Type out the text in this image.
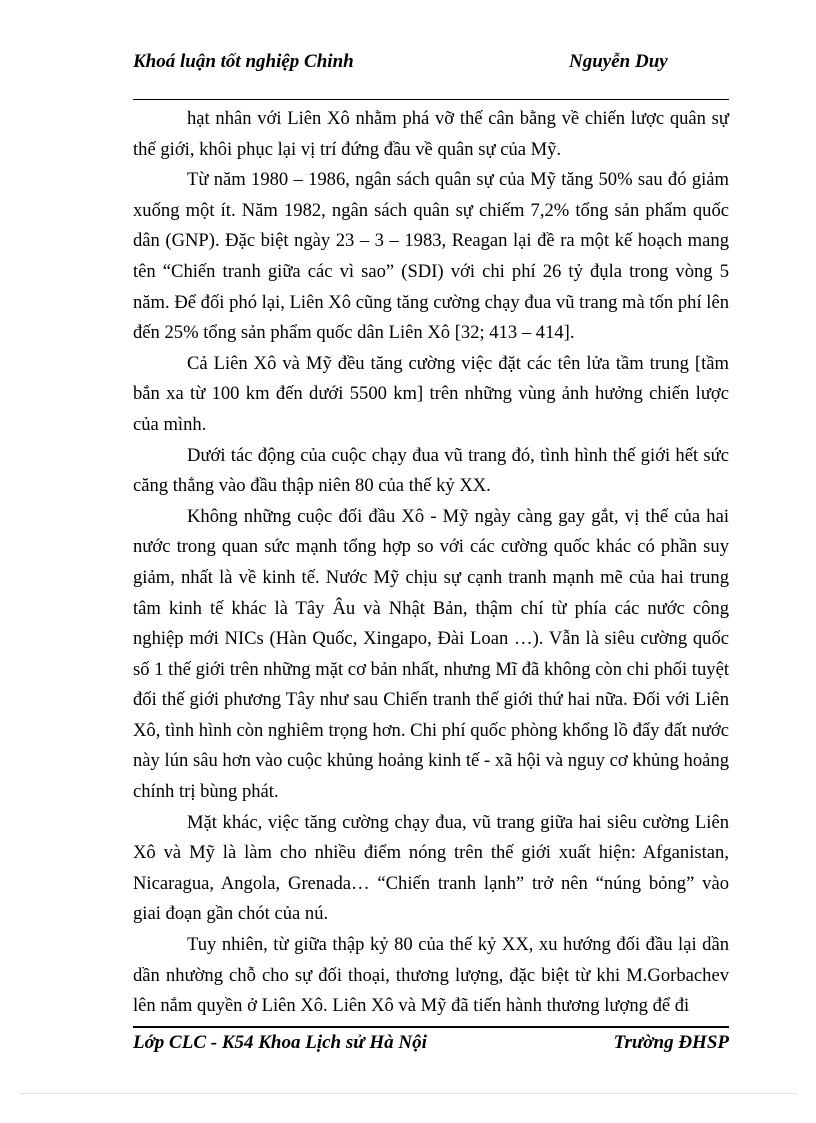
Khoá luận tốt nghiệp Chinh	Nguyễn Duy

hạt nhân với Liên Xô nhằm phá vỡ thế cân bằng về chiến lược quân sự thế giới, khôi phục lại vị trí đứng đầu về quân sự của Mỹ.

Từ năm 1980 – 1986, ngân sách quân sự của Mỹ tăng 50% sau đó giảm xuống một ít. Năm 1982, ngân sách quân sự chiếm 7,2% tổng sản phẩm quốc dân (GNP). Đặc biệt ngày 23 – 3 – 1983, Reagan lại đề ra một kế hoạch mang tên “Chiến tranh giữa các vì sao” (SDI) với chi phí 26 tỷ đụla trong vòng 5 năm. Để đối phó lại, Liên Xô cũng tăng cường chạy đua vũ trang mà tốn phí lên đến 25% tổng sản phẩm quốc dân Liên Xô [32; 413 – 414].

Cả Liên Xô và Mỹ đều tăng cường việc đặt các tên lửa tầm trung [tầm bắn xa từ 100 km đến dưới 5500 km] trên những vùng ảnh hưởng chiến lược của mình.

Dưới tác động của cuộc chạy đua vũ trang đó, tình hình thế giới hết sức căng thẳng vào đầu thập niên 80 của thế kỷ XX.

Không những cuộc đối đầu Xô - Mỹ ngày càng gay gắt, vị thế của hai nước trong quan sức mạnh tổng hợp so với các cường quốc khác có phần suy giảm, nhất là về kinh tế. Nước Mỹ chịu sự cạnh tranh mạnh mẽ của hai trung tâm kinh tế khác là Tây Âu và Nhật Bản, thậm chí từ phía các nước công nghiệp mới NICs (Hàn Quốc, Xingapo, Đài Loan …). Vẫn là siêu cường quốc số 1 thế giới trên những mặt cơ bản nhất, nhưng Mĩ đã không còn chi phối tuyệt đối thế giới phương Tây như sau Chiến tranh thế giới thứ hai nữa. Đối với Liên Xô, tình hình còn nghiêm trọng hơn. Chi phí quốc phòng khổng lồ đẩy đất nước này lún sâu hơn vào cuộc khủng hoảng kinh tế - xã hội và nguy cơ khủng hoảng chính trị bùng phát.

Mặt khác, việc tăng cường chạy đua, vũ trang giữa hai siêu cường Liên Xô và Mỹ là làm cho nhiều điểm nóng trên thế giới xuất hiện: Afganistan, Nicaragua, Angola, Grenada… “Chiến tranh lạnh” trở nên “núng bỏng” vào giai đoạn gần chót của nú.

Tuy nhiên, từ giữa thập kỷ 80 của thế kỷ XX, xu hướng đối đầu lại dần dần nhường chỗ cho sự đối thoại, thương lượng, đặc biệt từ khi M.Gorbachev lên nắm quyền ở Liên Xô. Liên Xô và Mỹ đã tiến hành thương lượng để đi

Lớp CLC - K54 Khoa Lịch sử Hà Nội	Trường ĐHSP
